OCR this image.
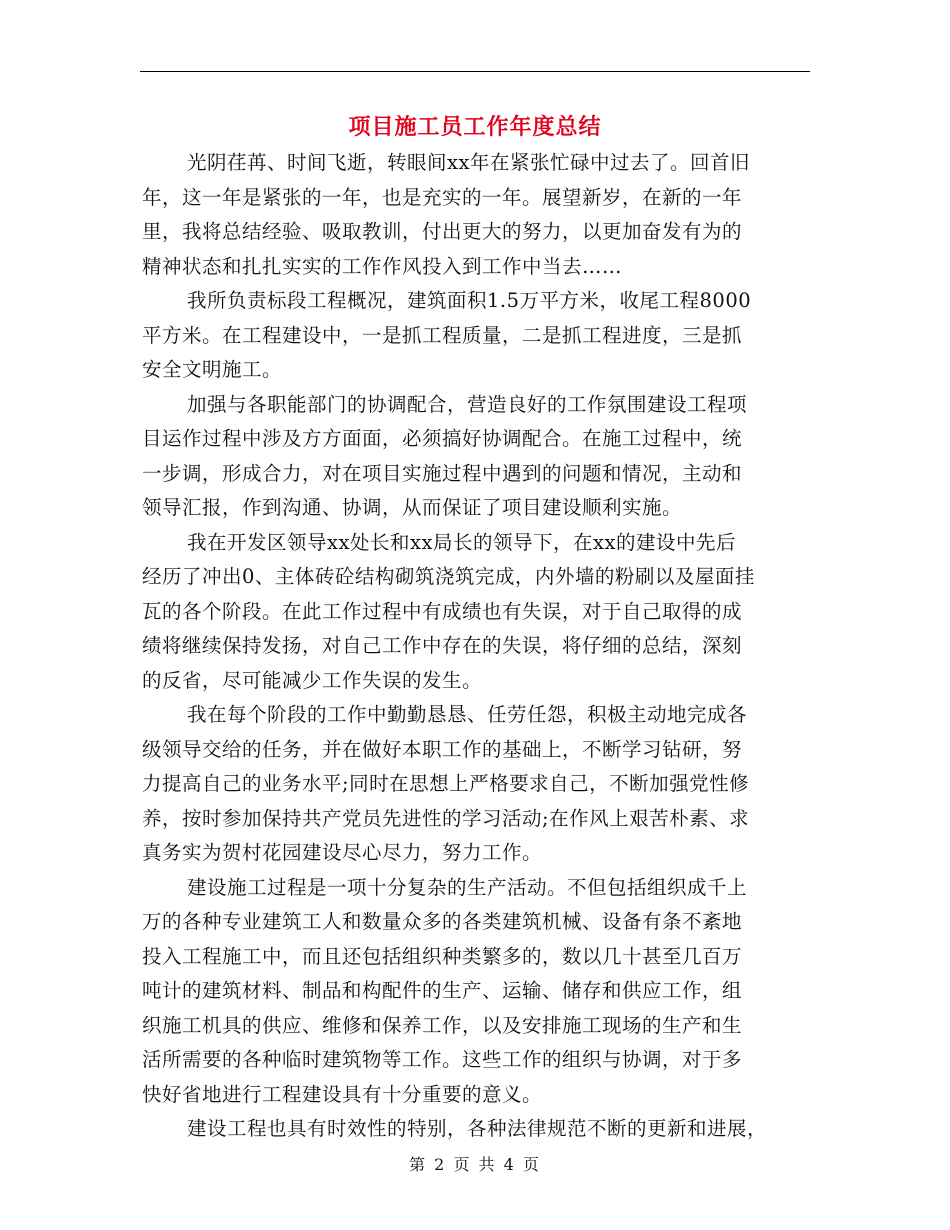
项目施工员工作年度总结
光阴荏苒、时间飞逝，转眼间xx年在紧张忙碌中过去了。回首旧
年，这一年是紧张的一年，也是充实的一年。展望新岁，在新的一年
里，我将总结经验、吸取教训，付出更大的努力，以更加奋发有为的
精神状态和扎扎实实的工作作风投入到工作中当去……
我所负责标段工程概况，建筑面积1.5万平方米，收尾工程8000
平方米。在工程建设中，一是抓工程质量，二是抓工程进度，三是抓
安全文明施工。
加强与各职能部门的协调配合，营造良好的工作氛围建设工程项
目运作过程中涉及方方面面，必须搞好协调配合。在施工过程中，统
一步调，形成合力，对在项目实施过程中遇到的问题和情况，主动和
领导汇报，作到沟通、协调，从而保证了项目建设顺利实施。
我在开发区领导xx处长和xx局长的领导下，在xx的建设中先后
经历了冲出0、主体砖砼结构砌筑浇筑完成，内外墙的粉刷以及屋面挂
瓦的各个阶段。在此工作过程中有成绩也有失误，对于自己取得的成
绩将继续保持发扬，对自己工作中存在的失误，将仔细的总结，深刻
的反省，尽可能减少工作失误的发生。
我在每个阶段的工作中勤勤恳恳、任劳任怨，积极主动地完成各
级领导交给的任务，并在做好本职工作的基础上，不断学习钻研，努
力提高自己的业务水平;同时在思想上严格要求自己，不断加强党性修
养，按时参加保持共产党员先进性的学习活动;在作风上艰苦朴素、求
真务实为贺村花园建设尽心尽力，努力工作。
建设施工过程是一项十分复杂的生产活动。不但包括组织成千上
万的各种专业建筑工人和数量众多的各类建筑机械、设备有条不紊地
投入工程施工中，而且还包括组织种类繁多的，数以几十甚至几百万
吨计的建筑材料、制品和构配件的生产、运输、储存和供应工作，组
织施工机具的供应、维修和保养工作，以及安排施工现场的生产和生
活所需要的各种临时建筑物等工作。这些工作的组织与协调，对于多
快好省地进行工程建设具有十分重要的意义。
建设工程也具有时效性的特别，各种法律规范不断的更新和进展，
第 2 页 共 4 页
